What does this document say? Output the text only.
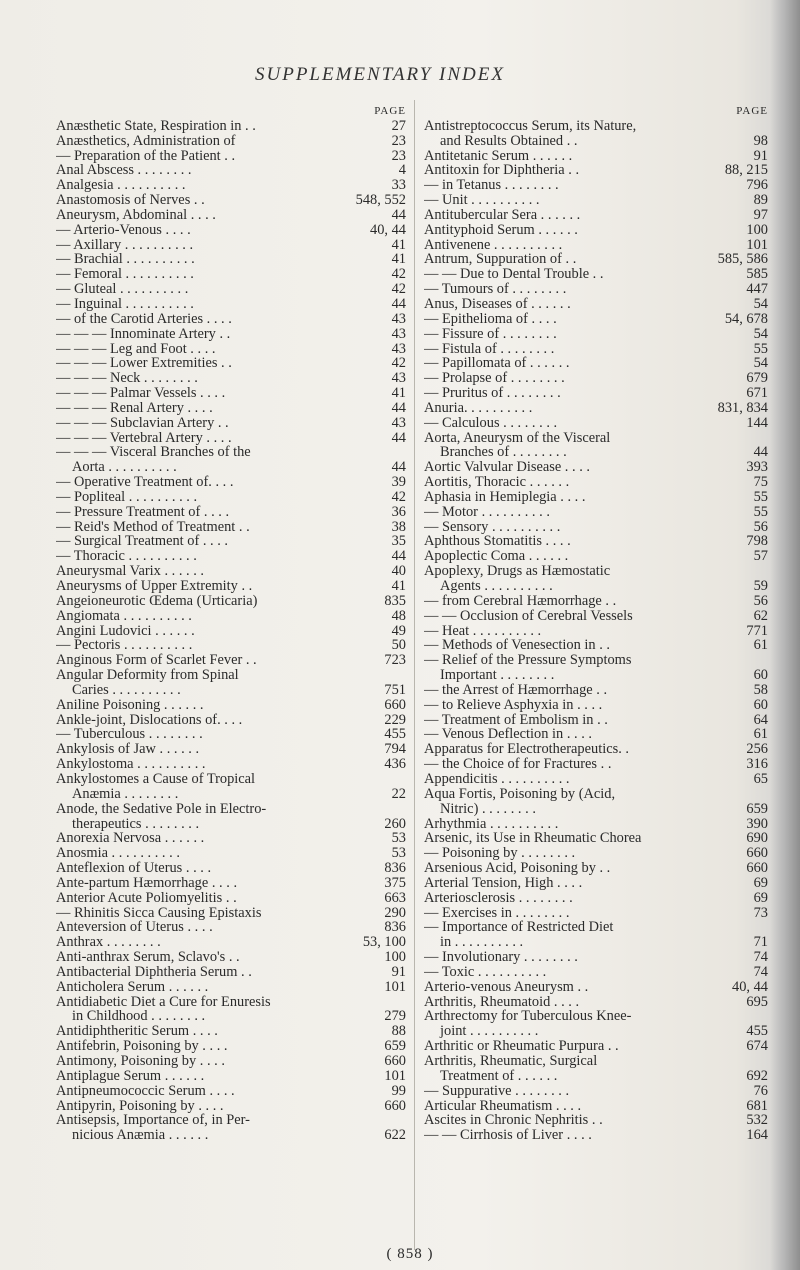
SUPPLEMENTARY INDEX
PAGE
Anæsthetic State, Respiration in . .	27
Anæsthetics, Administration of	23
— Preparation of the Patient . .	23
Anal Abscess . . . . . . . .	4
Analgesia . . . . . . . . . .	33
Anastomosis of Nerves . .	548, 552
Aneurysm, Abdominal . . . .	44
— Arterio-Venous . . . .	40, 44
— Axillary . . . . . . . . . .	41
— Brachial . . . . . . . . . .	41
— Femoral . . . . . . . . . .	42
— Gluteal . . . . . . . . . .	42
— Inguinal . . . . . . . . . .	44
— of the Carotid Arteries . . . .	43
— — — Innominate Artery . .	43
— — — Leg and Foot . . . .	43
— — — Lower Extremities . .	42
— — — Neck . . . . . . . .	43
— — — Palmar Vessels . . . .	41
— — — Renal Artery . . . .	44
— — — Subclavian Artery . .	43
— — — Vertebral Artery . . . .	44
— — — Visceral Branches of the
Aorta . . . . . . . . . .	44
— Operative Treatment of. . . .	39
— Popliteal . . . . . . . . . .	42
— Pressure Treatment of . . . .	36
— Reid's Method of Treatment . .	38
— Surgical Treatment of . . . .	35
— Thoracic . . . . . . . . . .	44
Aneurysmal Varix . . . . . .	40
Aneurysms of Upper Extremity . .	41
Angeioneurotic Œdema (Urticaria)	835
Angiomata . . . . . . . . . .	48
Angini Ludovici . . . . . .	49
— Pectoris . . . . . . . . . .	50
Anginous Form of Scarlet Fever . .	723
Angular Deformity from Spinal
Caries . . . . . . . . . .	751
Aniline Poisoning . . . . . .	660
Ankle-joint, Dislocations of. . . .	229
— Tuberculous . . . . . . . .	455
Ankylosis of Jaw . . . . . .	794
Ankylostoma . . . . . . . . . .	436
Ankylostomes a Cause of Tropical
Anæmia . . . . . . . .	22
Anode, the Sedative Pole in Electro-
therapeutics . . . . . . . .	260
Anorexia Nervosa . . . . . .	53
Anosmia . . . . . . . . . .	53
Anteflexion of Uterus . . . .	836
Ante-partum Hæmorrhage . . . .	375
Anterior Acute Poliomyelitis . .	663
— Rhinitis Sicca Causing Epistaxis	290
Anteversion of Uterus . . . .	836
Anthrax . . . . . . . .	53, 100
Anti-anthrax Serum, Sclavo's . .	100
Antibacterial Diphtheria Serum . .	91
Anticholera Serum . . . . . .	101
Antidiabetic Diet a Cure for Enuresis
in Childhood . . . . . . . .	279
Antidiphtheritic Serum . . . .	88
Antifebrin, Poisoning by . . . .	659
Antimony, Poisoning by . . . .	660
Antiplague Serum . . . . . .	101
Antipneumococcic Serum . . . .	99
Antipyrin, Poisoning by . . . .	660
Antisepsis, Importance of, in Per-
nicious Anæmia . . . . . .	622
PAGE
Antistreptococcus Serum, its Nature,
and Results Obtained . .	98
Antitetanic Serum . . . . . .	91
Antitoxin for Diphtheria . .	88, 215
— in Tetanus . . . . . . . .	796
— Unit . . . . . . . . . .	89
Antitubercular Sera . . . . . .	97
Antityphoid Serum . . . . . .	100
Antivenene . . . . . . . . . .	101
Antrum, Suppuration of . .	585, 586
— — Due to Dental Trouble . .	585
— Tumours of . . . . . . . .	447
Anus, Diseases of . . . . . .	54
— Epithelioma of . . . .	54, 678
— Fissure of . . . . . . . .	54
— Fistula of . . . . . . . .	55
— Papillomata of . . . . . .	54
— Prolapse of . . . . . . . .	679
— Pruritus of . . . . . . . .	671
Anuria. . . . . . . . . .	831, 834
— Calculous . . . . . . . .	144
Aorta, Aneurysm of the Visceral
Branches of . . . . . . . .	44
Aortic Valvular Disease . . . .	393
Aortitis, Thoracic . . . . . .	75
Aphasia in Hemiplegia . . . .	55
— Motor . . . . . . . . . .	55
— Sensory . . . . . . . . . .	56
Aphthous Stomatitis . . . .	798
Apoplectic Coma . . . . . .	57
Apoplexy, Drugs as Hæmostatic
Agents . . . . . . . . . .	59
— from Cerebral Hæmorrhage . .	56
— — Occlusion of Cerebral Vessels	62
— Heat . . . . . . . . . .	771
— Methods of Venesection in . .	61
— Relief of the Pressure Symptoms
Important . . . . . . . .	60
— the Arrest of Hæmorrhage . .	58
— to Relieve Asphyxia in . . . .	60
— Treatment of Embolism in . .	64
— Venous Deflection in . . . .	61
Apparatus for Electrotherapeutics. .	256
— the Choice of for Fractures . .	316
Appendicitis . . . . . . . . . .	65
Aqua Fortis, Poisoning by (Acid,
Nitric) . . . . . . . .	659
Arhythmia . . . . . . . . . .	390
Arsenic, its Use in Rheumatic Chorea	690
— Poisoning by . . . . . . . .	660
Arsenious Acid, Poisoning by . .	660
Arterial Tension, High . . . .	69
Arteriosclerosis . . . . . . . .	69
— Exercises in . . . . . . . .	73
— Importance of Restricted Diet
in . . . . . . . . . .	71
— Involutionary . . . . . . . .	74
— Toxic . . . . . . . . . .	74
Arterio-venous Aneurysm . .	40, 44
Arthritis, Rheumatoid . . . .	695
Arthrectomy for Tuberculous Knee-
joint . . . . . . . . . .	455
Arthritic or Rheumatic Purpura . .	674
Arthritis, Rheumatic, Surgical
Treatment of . . . . . .	692
— Suppurative . . . . . . . .	76
Articular Rheumatism . . . .	681
Ascites in Chronic Nephritis . .	532
— — Cirrhosis of Liver . . . .	164
( 858 )
